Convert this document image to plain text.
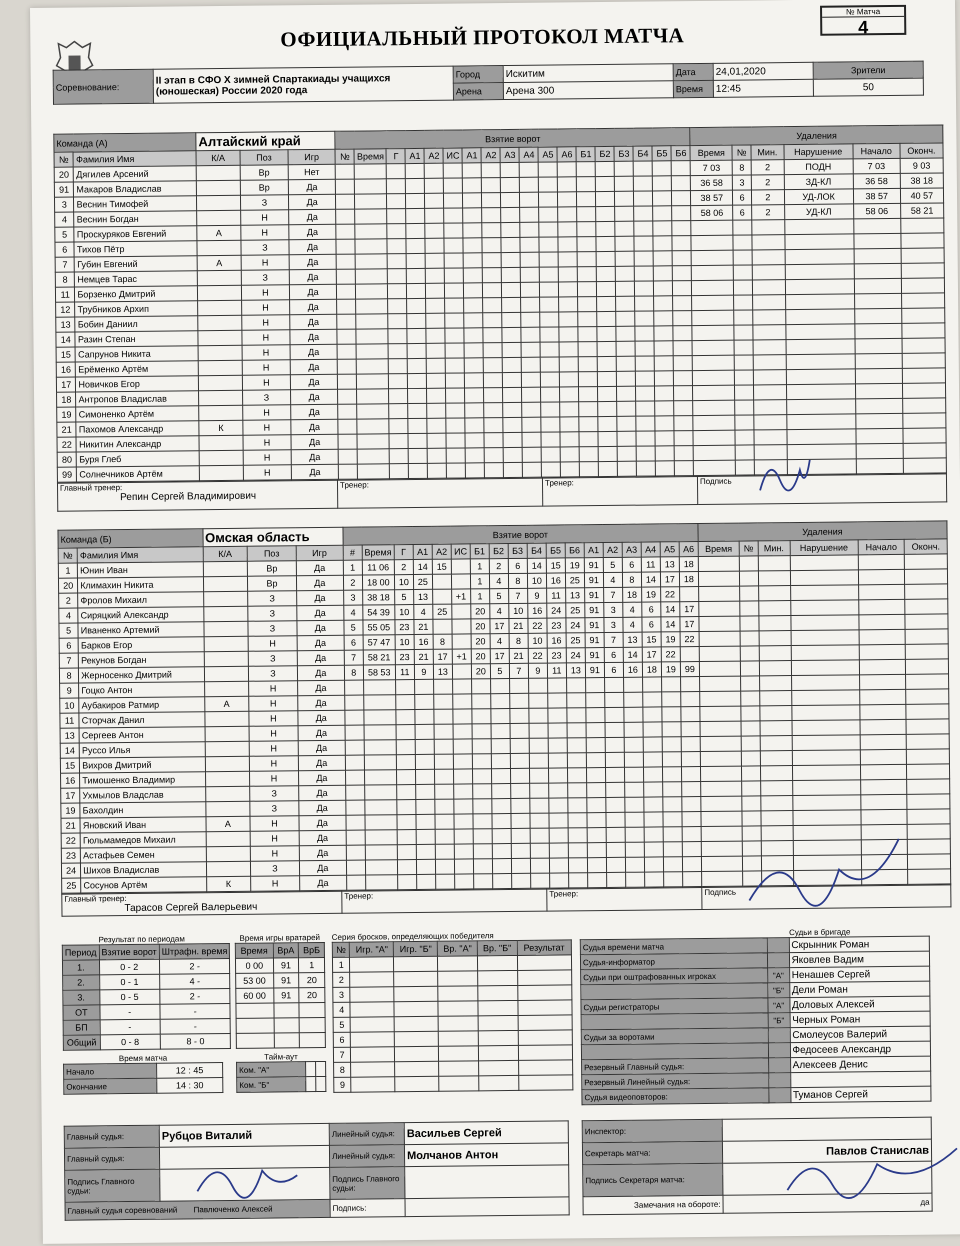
ОФИЦИАЛЬНЫЙ ПРОТОКОЛ МАТЧА
№ Матча
4
Соревнование:	II этап в СФО X зимней Спартакиады учащихся (юношеская) России 2020 года	Город	Искитим	Дата	24,01,2020	Зрители
		Арена	Арена 300	Время	12:45	50
Команда (А)		Алтайский край			Взятие ворот																		Удаления					
№	Фамилия Имя	К/А	Поз	Игр	№	Время	Г	А1	А2	ИС	А1	А2	А3	А4	А5	А6	Б1	Б2	Б3	Б4	Б5	Б6	Время	№	Мин.	Нарушение	Начало	Оконч.
20	Дягилев Арсений		Вр	Нет																			7 03	8	2	ПОДН	7 03	9 03
91	Макаров Владислав		Вр	Да																			36 58	3	2	ЗД-КЛ	36 58	38 18
3	Веснин Тимофей		З	Да																			38 57	6	2	УД-ЛОК	38 57	40 57
4	Веснин Богдан		Н	Да																			58 06	6	2	УД-КЛ	58 06	58 21
5	Проскуряков Евгений	А	Н	Да																								
6	Тихов Пётр		З	Да																								
7	Губин Евгений	А	Н	Да																								
8	Немцев Тарас		З	Да																								
11	Борзенко Дмитрий		Н	Да																								
12	Трубников Архип		Н	Да																								
13	Бобин Даниил		Н	Да																								
14	Разин Степан		Н	Да																								
15	Сапрунов Никита		Н	Да																								
16	Ерёменко Артём		Н	Да																								
17	Новичков Егор		Н	Да																								
18	Антропов Владислав		З	Да																								
19	Симоненко Артём		Н	Да																								
21	Пахомов Александр	К	Н	Да																								
22	Никитин Александр		Н	Да																								
80	Буря Глеб		Н	Да																								
99	Солнечников Артём		Н	Да																								
Главный тренер:
Репин Сергей Владимирович	Тренер:	Тренер:	Подпись
Команда (Б)		Омская область			Взятие ворот																		Удаления					
№	Фамилия Имя	К/А	Поз	Игр	#	Время	Г	А1	А2	ИС	Б1	Б2	Б3	Б4	Б5	Б6	А1	А2	А3	А4	А5	А6	Время	№	Мин.	Нарушение	Начало	Оконч.
1	Юнин Иван		Вр	Да	1	11 06	2	14	15		1	2	6	14	15	19	91	5	6	11	13	18						
20	Климахин Никита		Вр	Да	2	18 00	10	25			1	4	8	10	16	25	91	4	8	14	17	18						
2	Фролов Михаил		З	Да	3	38 18	5	13		+1	1	5	7	9	11	13	91	7	18	19	22							
4	Сиряцкий Александр		З	Да	4	54 39	10	4	25		20	4	10	16	24	25	91	3	4	6	14	17						
5	Иваненко Артемий		З	Да	5	55 05	23	21			20	17	21	22	23	24	91	3	4	6	14	17						
6	Барков Егор		Н	Да	6	57 47	10	16	8		20	4	8	10	16	25	91	7	13	15	19	22						
7	Рекунов Богдан		З	Да	7	58 21	23	21	17	+1	20	17	21	22	23	24	91	6	14	17	22							
8	Жерносенко Дмитрий		З	Да	8	58 53	11	9	13		20	5	7	9	11	13	91	6	16	18	19	99						
9	Гоцко Антон		Н	Да																								
10	Аубакиров Ратмир	А	Н	Да																								
11	Сторчак Данил		Н	Да																								
13	Сергеев Антон		Н	Да																								
14	Руссо Илья		Н	Да																								
15	Вихров Дмитрий		Н	Да																								
16	Тимошенко Владимир		Н	Да																								
17	Ухмылов Владслав		З	Да																								
19	Бахолдин		З	Да																								
21	Яновский Иван	А	Н	Да																								
22	Гюльмамедов Михаил		Н	Да																								
23	Астафьев Семен		Н	Да																								
24	Шихов Владислав		З	Да																								
25	Сосунов Артём	К	Н	Да																								
Главный тренер:
Тарасов Сергей Валерьевич	Тренер:	Тренер:	Подпись
Результат по периодам
Период	Взятие ворот	Штрафн. время
1.	0 - 2	2 -
2.	0 - 1	4 -
3.	0 - 5	2 -
ОТ	-	-
БП	-	-
Общий	0 - 8	8 - 0
Время матча
Начало	12 : 45
Окончание	14 : 30
Время игры вратарей
Время	ВрА	ВрБ
0 00	91	1
53 00	91	20
60 00	91	20

Тайм-аут
Ком. "А"		
Ком. "Б"		
Серия бросков, определяющих победителя
№	Игр. "А"	Игр. "Б"	Вр. "А"	Вр. "Б"	Результат
1					
2					
3					
4					
5					
6					
7					
8					
9					
Судьи в бригаде
Судья времени матча		Скрынник Роман
Судья-информатор		Яковлев Вадим
Судьи при оштрафованных игроках	"А"	Ненашев Сергей
	"Б"	Дели Роман
Судьи регистраторы	"А"	Доловых Алексей
	"Б"	Черных Роман
Судьи за воротами		Смолеусов Валерий
		Федосеев Александр
Резервный Главный судья:		Алексеев Денис
Резервный Линейный судья:		
Судья видеоповторов:		Туманов Сергей
Главный судья:	Рубцов Виталий	Линейный судья:	Васильев Сергей
Главный судья:		Линейный судья:	Молчанов Антон
Подпись Главного судьи:		Подпись Главного судьи:	
Главный судья соревнований Павлюченко Алексей		Подпись:	
Инспектор:	
Секретарь матча:	Павлов Станислав
Подпись Секретаря матча:	
Замечания на обороте:	да
